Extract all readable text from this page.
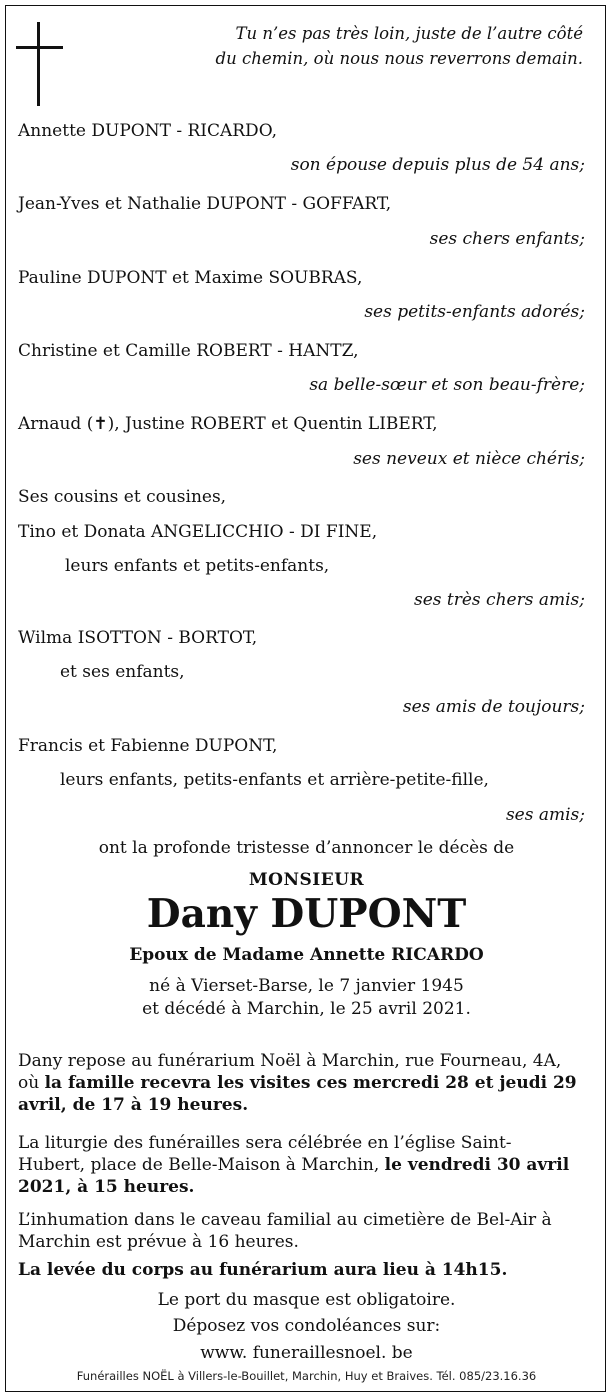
Tu n’es pas très loin, juste de l’autre côté
du chemin, où nous nous reverrons demain.
Annette DUPONT - RICARDO,
son épouse depuis plus de 54 ans;
Jean-Yves et Nathalie DUPONT - GOFFART,
ses chers enfants;
Pauline DUPONT et Maxime SOUBRAS,
ses petits-enfants adorés;
Christine et Camille ROBERT - HANTZ,
sa belle-sœur et son beau-frère;
Arnaud (✝), Justine ROBERT et Quentin LIBERT,
ses neveux et nièce chéris;
Ses cousins et cousines,
Tino et Donata ANGELICCHIO - DI FINE,
leurs enfants et petits-enfants,
ses très chers amis;
Wilma ISOTTON - BORTOT,
et ses enfants,
ses amis de toujours;
Francis et Fabienne DUPONT,
leurs enfants, petits-enfants et arrière-petite-fille,
ses amis;
ont la profonde tristesse d’annoncer le décès de
MONSIEUR
Dany DUPONT
Epoux de Madame Annette RICARDO
né à Vierset-Barse, le 7 janvier 1945
et décédé à Marchin, le 25 avril 2021.
Dany repose au funérarium Noël à Marchin, rue Fourneau, 4A, où la famille recevra les visites ces mercredi 28 et jeudi 29 avril, de 17 à 19 heures.
La liturgie des funérailles sera célébrée en l’église Saint-Hubert, place de Belle-Maison à Marchin, le vendredi 30 avril 2021, à 15 heures.
L’inhumation dans le caveau familial au cimetière de Bel-Air à Marchin est prévue à 16 heures.
La levée du corps au funérarium aura lieu à 14h15.
Le port du masque est obligatoire.
Déposez vos condoléances sur:
www. funeraillesnoel. be
Funérailles NOËL à Villers-le-Bouillet, Marchin, Huy et Braives. Tél. 085/23.16.36
